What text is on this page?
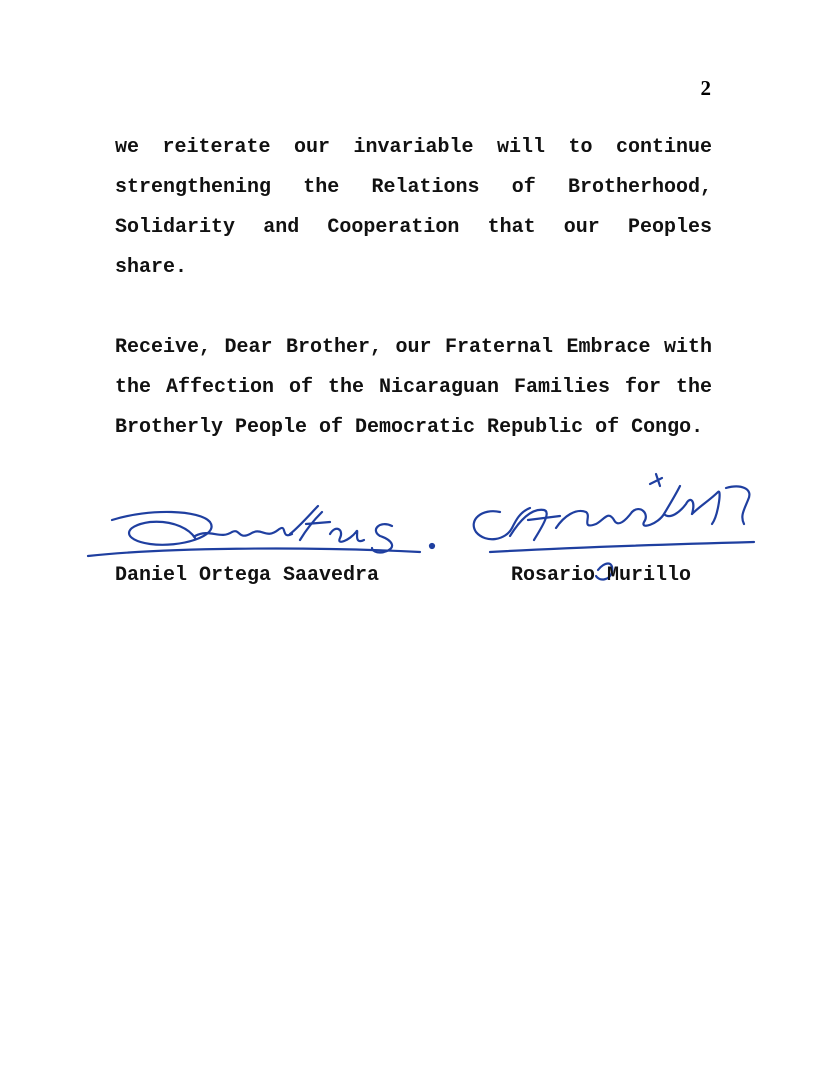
2
we reiterate our invariable will to continue strengthening the Relations of Brotherhood, Solidarity and Cooperation that our Peoples share.
Receive, Dear Brother, our Fraternal Embrace with the Affection of the Nicaraguan Families for the Brotherly People of Democratic Republic of Congo.
Daniel Ortega Saavedra	Rosario Murillo
